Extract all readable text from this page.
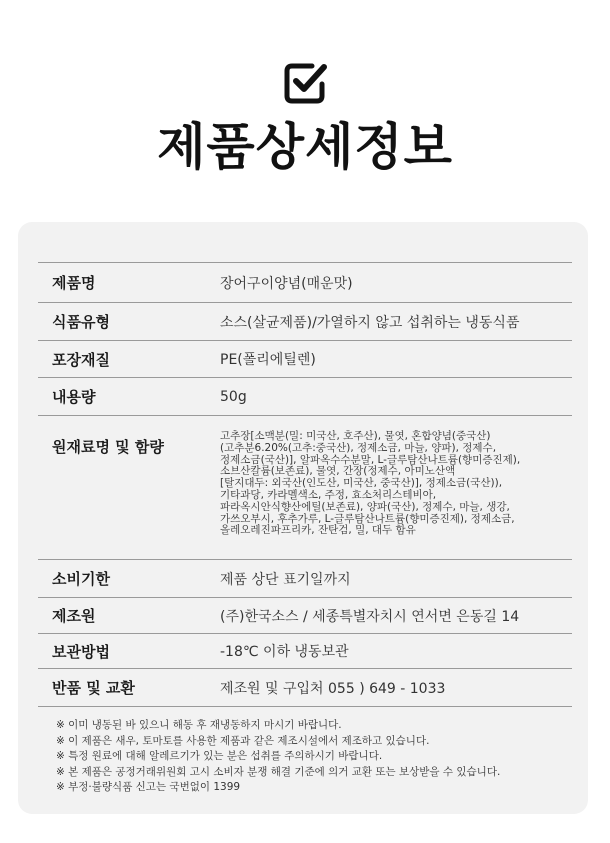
제품상세정보
제품명	장어구이양념(매운맛)
식품유형	소스(살균제품)/가열하지 않고 섭취하는 냉동식품
포장재질	PE(폴리에틸렌)
내용량	50g
원재료명 및 함량
고추장[소맥분(밀: 미국산, 호주산), 물엿, 혼합양념(중국산)
(고추분6.20%(고추:중국산), 정제소금, 마늘, 양파), 정제수,
정제소금(국산)], 알파옥수수분말, L-글루탐산나트륨(향미증진제),
소브산칼륨(보존료), 물엿, 간장(정제수, 아미노산액
[탈지대두: 외국산(인도산, 미국산, 중국산)], 정제소금(국산)),
기타과당, 카라멜색소, 주정, 효소처리스테비아,
파라옥시안식향산에틸(보존료), 양파(국산), 정제수, 마늘, 생강,
가쓰오부시, 후추가루, L-글루탐산나트륨(향미증진제), 정제소금,
올레오레진파프리카, 잔탄검, 밀, 대두 함유
소비기한	제품 상단 표기일까지
제조원	(주)한국소스 / 세종특별자치시 연서면 은동길 14
보관방법	-18℃ 이하 냉동보관
반품 및 교환	제조원 및 구입처 055 ) 649 - 1033
※ 이미 냉동된 바 있으니 해동 후 재냉동하지 마시기 바랍니다.
※ 이 제품은 새우, 토마토를 사용한 제품과 같은 제조시설에서 제조하고 있습니다.
※ 특정 원료에 대해 알레르기가 있는 분은 섭취를 주의하시기 바랍니다.
※ 본 제품은 공정거래위원회 고시 소비자 분쟁 해결 기준에 의거 교환 또는 보상받을 수 있습니다.
※ 부정·불량식품 신고는 국번없이 1399
